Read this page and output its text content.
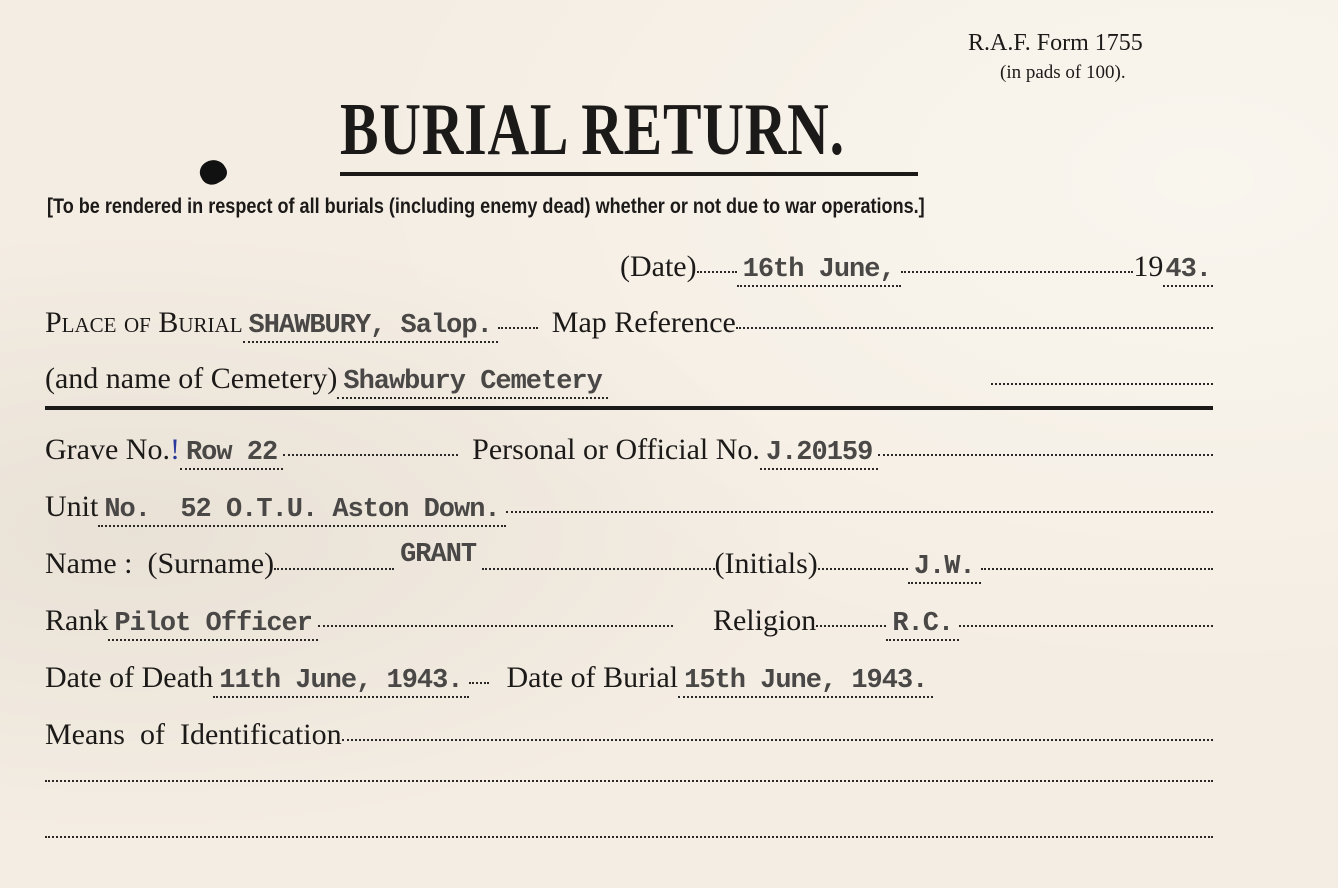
R.A.F. Form 1755
(in pads of 100).
BURIAL RETURN.
[To be rendered in respect of all burials (including enemy dead) whether or not due to war operations.]
(Date) 16th June,	19 43.
Place of Burial SHAWBURY, Salop. Map Reference
(and name of Cemetery) Shawbury Cemetery
Grave No. ! Row 22	Personal or Official No. J.20159
Unit No.  52 O.T.U. Aston Down.
Name :  (Surname)	GRANT	(Initials)	J.W.
Rank Pilot Officer	Religion	R.C.
Date of Death 11th June, 1943. Date of Burial 15th June, 1943.
Means  of  Identification
